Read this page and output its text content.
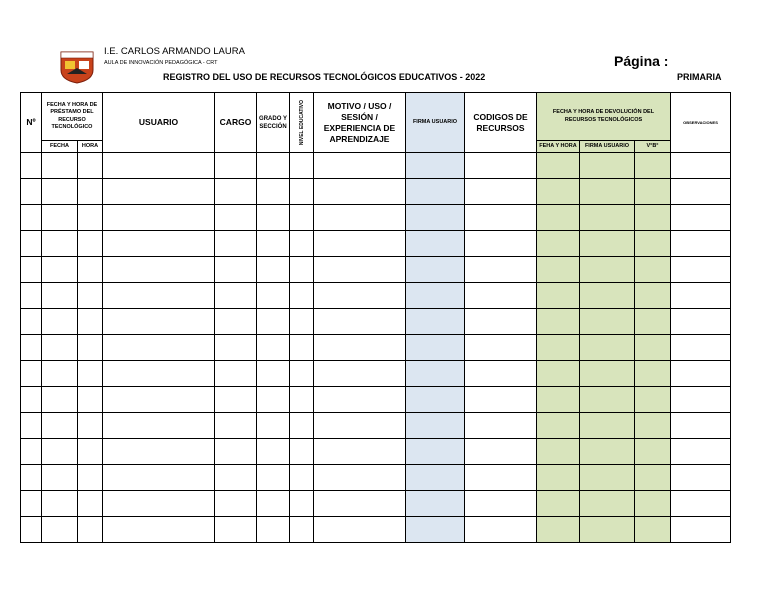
I.E. CARLOS ARMANDO LAURA
AULA DE INNOVACIÓN PEDAGÓGICA - CRT
REGISTRO DEL USO DE RECURSOS TECNOLÓGICOS EDUCATIVOS - 2022
Página :
PRIMARIA
Nº	FECHA Y HORA DE PRÉSTAMO DEL RECURSO TECNOLÓGICO		USUARIO	CARGO	GRADO Y SECCIÓN	NIVEL EDUCATIVO	MOTIVO / USO / SESIÓN / EXPERIENCIA DE APRENDIZAJE	FIRMA USUARIO	CODIGOS DE RECURSOS	FECHA Y HORA DE DEVOLUCIÓN DEL RECURSOS TECNOLÓGICOS			OBSERVACIONES
	FECHA	HORA								FEHA Y HORA	FIRMA USUARIO	V°B°	
